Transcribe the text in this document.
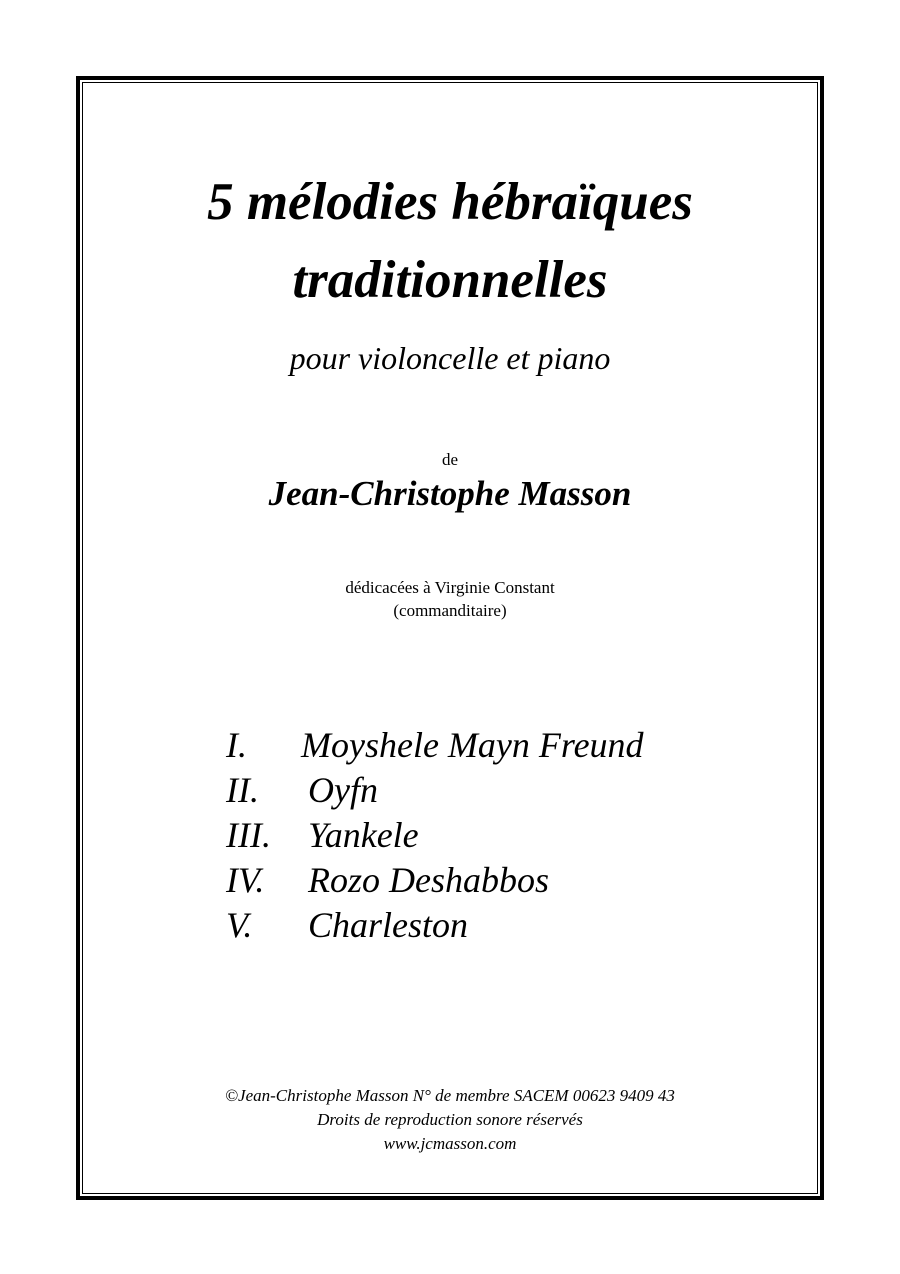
5 mélodies hébraïques
traditionnelles
pour violoncelle et piano
de
Jean-Christophe Masson
dédicacées à Virginie Constant
(commanditaire)
I. Moyshele Mayn Freund
II. Oyfn
III. Yankele
IV. Rozo Deshabbos
V. Charleston
©Jean-Christophe Masson N° de membre SACEM 00623 9409 43
Droits de reproduction sonore réservés
www.jcmasson.com
